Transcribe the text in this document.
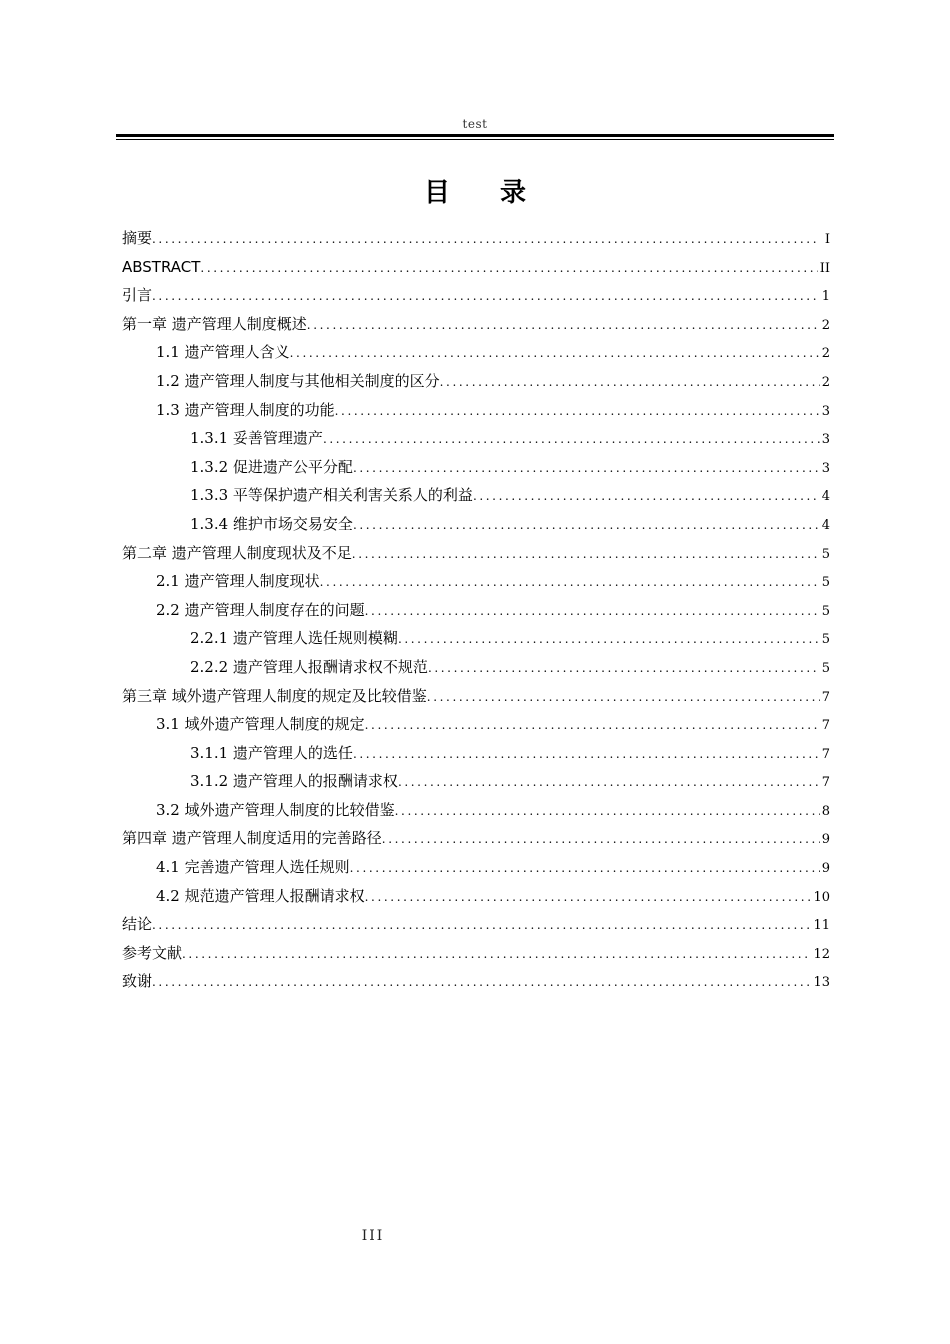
test
目 录
摘要 .....	I
ABSTRACT .....	II
引言 .....	1
第一章 遗产管理人制度概述 .....	2
1.1 遗产管理人含义 .....	2
1.2 遗产管理人制度与其他相关制度的区分 .....	2
1.3 遗产管理人制度的功能 .....	3
1.3.1 妥善管理遗产 .....	3
1.3.2 促进遗产公平分配 .....	3
1.3.3 平等保护遗产相关利害关系人的利益 .....	4
1.3.4 维护市场交易安全 .....	4
第二章 遗产管理人制度现状及不足 .....	5
2.1 遗产管理人制度现状 .....	5
2.2 遗产管理人制度存在的问题 .....	5
2.2.1 遗产管理人选任规则模糊 .....	5
2.2.2 遗产管理人报酬请求权不规范 .....	5
第三章 域外遗产管理人制度的规定及比较借鉴 .....	7
3.1 域外遗产管理人制度的规定 .....	7
3.1.1 遗产管理人的选任 .....	7
3.1.2 遗产管理人的报酬请求权 .....	7
3.2 域外遗产管理人制度的比较借鉴 .....	8
第四章 遗产管理人制度适用的完善路径 .....	9
4.1 完善遗产管理人选任规则 .....	9
4.2 规范遗产管理人报酬请求权 .....	10
结论 .....	11
参考文献 .....	12
致谢 .....	13
III
